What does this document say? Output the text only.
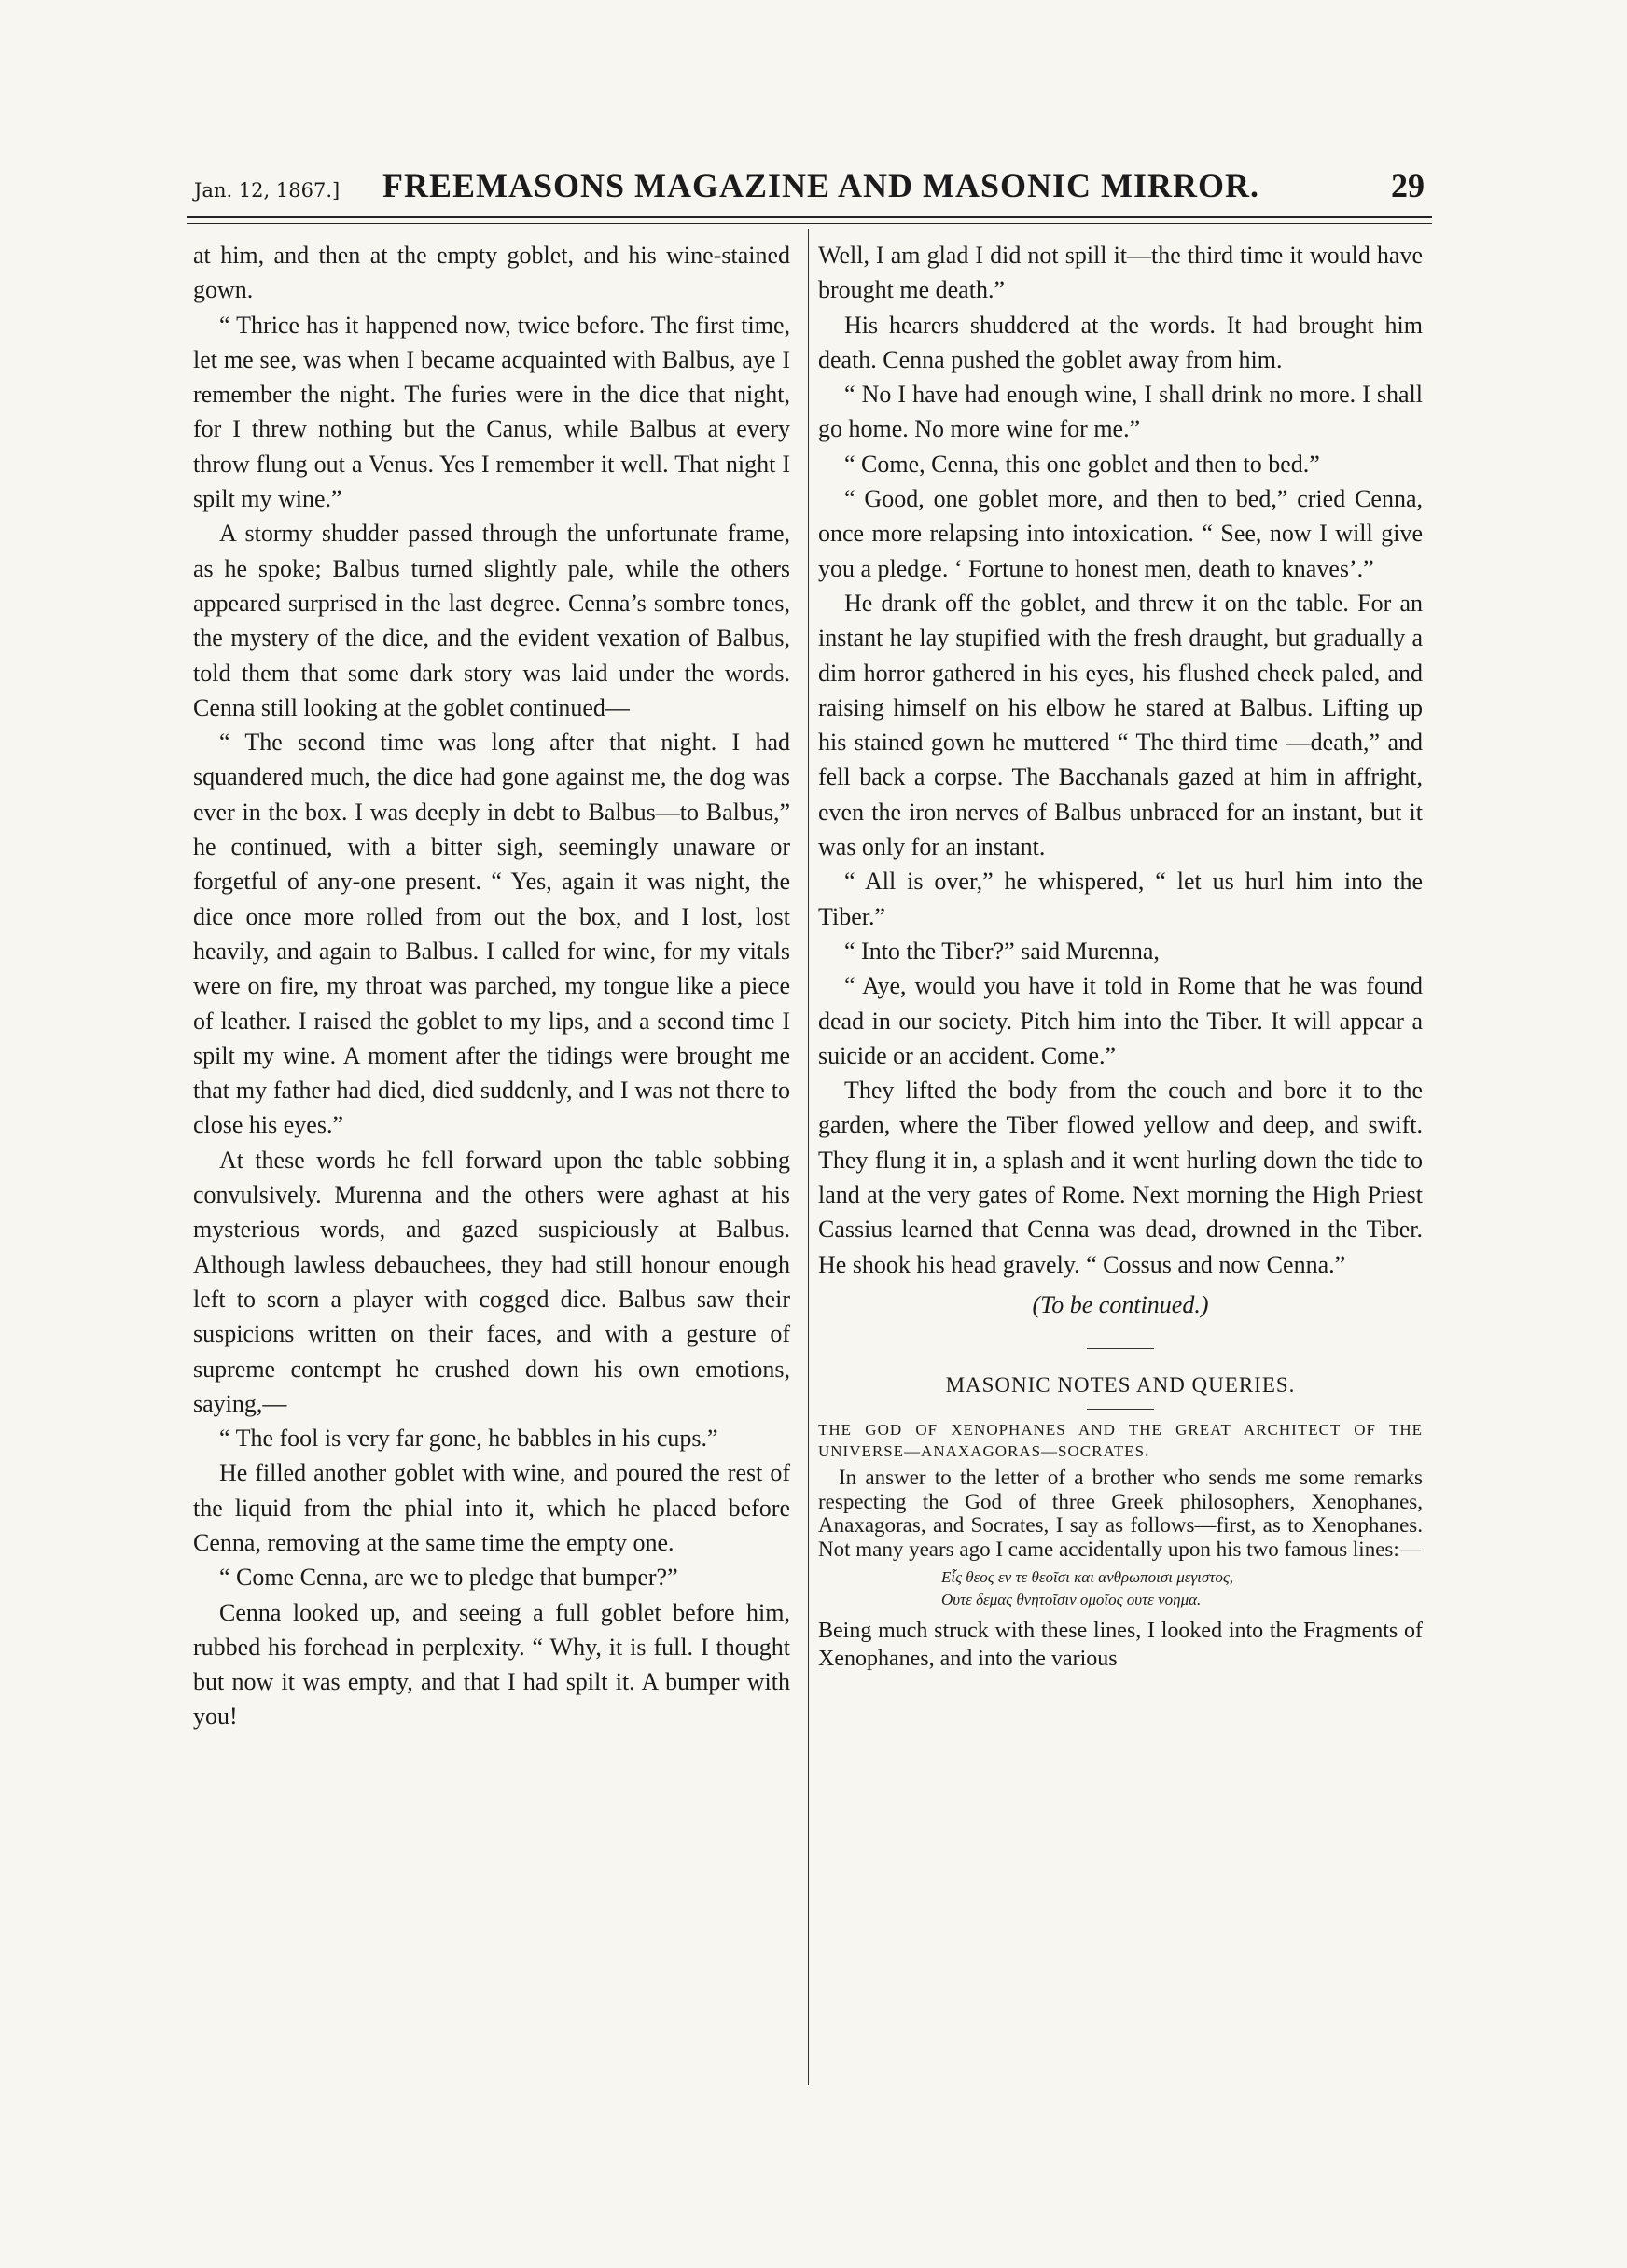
Jan. 12, 1867.] FREEMASONS MAGAZINE AND MASONIC MIRROR.	29

at him, and then at the empty goblet, and his wine-stained gown.

“ Thrice has it happened now, twice before. The first time, let me see, was when I became acquainted with Balbus, aye I remember the night. The furies were in the dice that night, for I threw nothing but the Canus, while Balbus at every throw flung out a Venus. Yes I remember it well. That night I spilt my wine.”

A stormy shudder passed through the unfortunate frame, as he spoke; Balbus turned slightly pale, while the others appeared surprised in the last degree. Cenna’s sombre tones, the mystery of the dice, and the evident vexation of Balbus, told them that some dark story was laid under the words. Cenna still looking at the goblet continued—

“ The second time was long after that night. I had squandered much, the dice had gone against me, the dog was ever in the box. I was deeply in debt to Balbus—to Balbus,” he continued, with a bitter sigh, seemingly unaware or forgetful of any-one present. “ Yes, again it was night, the dice once more rolled from out the box, and I lost, lost heavily, and again to Balbus. I called for wine, for my vitals were on fire, my throat was parched, my tongue like a piece of leather. I raised the goblet to my lips, and a second time I spilt my wine. A moment after the tidings were brought me that my father had died, died suddenly, and I was not there to close his eyes.”

At these words he fell forward upon the table sobbing convulsively. Murenna and the others were aghast at his mysterious words, and gazed suspiciously at Balbus. Although lawless debauchees, they had still honour enough left to scorn a player with cogged dice. Balbus saw their suspicions written on their faces, and with a gesture of supreme contempt he crushed down his own emotions, saying,—

“ The fool is very far gone, he babbles in his cups.”

He filled another goblet with wine, and poured the rest of the liquid from the phial into it, which he placed before Cenna, removing at the same time the empty one.

“ Come Cenna, are we to pledge that bumper?”

Cenna looked up, and seeing a full goblet before him, rubbed his forehead in perplexity. “ Why, it is full. I thought but now it was empty, and that I had spilt it. A bumper with you!

Well, I am glad I did not spill it—the third time it would have brought me death.”

His hearers shuddered at the words. It had brought him death. Cenna pushed the goblet away from him.

“ No I have had enough wine, I shall drink no more. I shall go home. No more wine for me.”

“ Come, Cenna, this one goblet and then to bed.”

“ Good, one goblet more, and then to bed,” cried Cenna, once more relapsing into intoxication. “ See, now I will give you a pledge. ‘ Fortune to honest men, death to knaves’.”

He drank off the goblet, and threw it on the table. For an instant he lay stupified with the fresh draught, but gradually a dim horror gathered in his eyes, his flushed cheek paled, and raising himself on his elbow he stared at Balbus. Lifting up his stained gown he muttered “ The third time —death,” and fell back a corpse. The Bacchanals gazed at him in affright, even the iron nerves of Balbus unbraced for an instant, but it was only for an instant.

“ All is over,” he whispered, “ let us hurl him into the Tiber.”

“ Into the Tiber?” said Murenna,

“ Aye, would you have it told in Rome that he was found dead in our society. Pitch him into the Tiber. It will appear a suicide or an accident. Come.”

They lifted the body from the couch and bore it to the garden, where the Tiber flowed yellow and deep, and swift. They flung it in, a splash and it went hurling down the tide to land at the very gates of Rome. Next morning the High Priest Cassius learned that Cenna was dead, drowned in the Tiber. He shook his head gravely. “ Cossus and now Cenna.”

(To be continued.)

MASONIC NOTES AND QUERIES.

THE GOD OF XENOPHANES AND THE GREAT ARCHITECT OF THE UNIVERSE—ANAXAGORAS—SOCRATES.

In answer to the letter of a brother who sends me some remarks respecting the God of three Greek philosophers, Xenophanes, Anaxagoras, and Socrates, I say as follows—first, as to Xenophanes. Not many years ago I came accidentally upon his two famous lines:—

Εἷς θεος εν τε θεοῖσι και ανθρωποισι μεγιστος,
Ουτε δεμας θνητοῖσιν ομοῖος ουτε νοημα.

Being much struck with these lines, I looked into the Fragments of Xenophanes, and into the various
